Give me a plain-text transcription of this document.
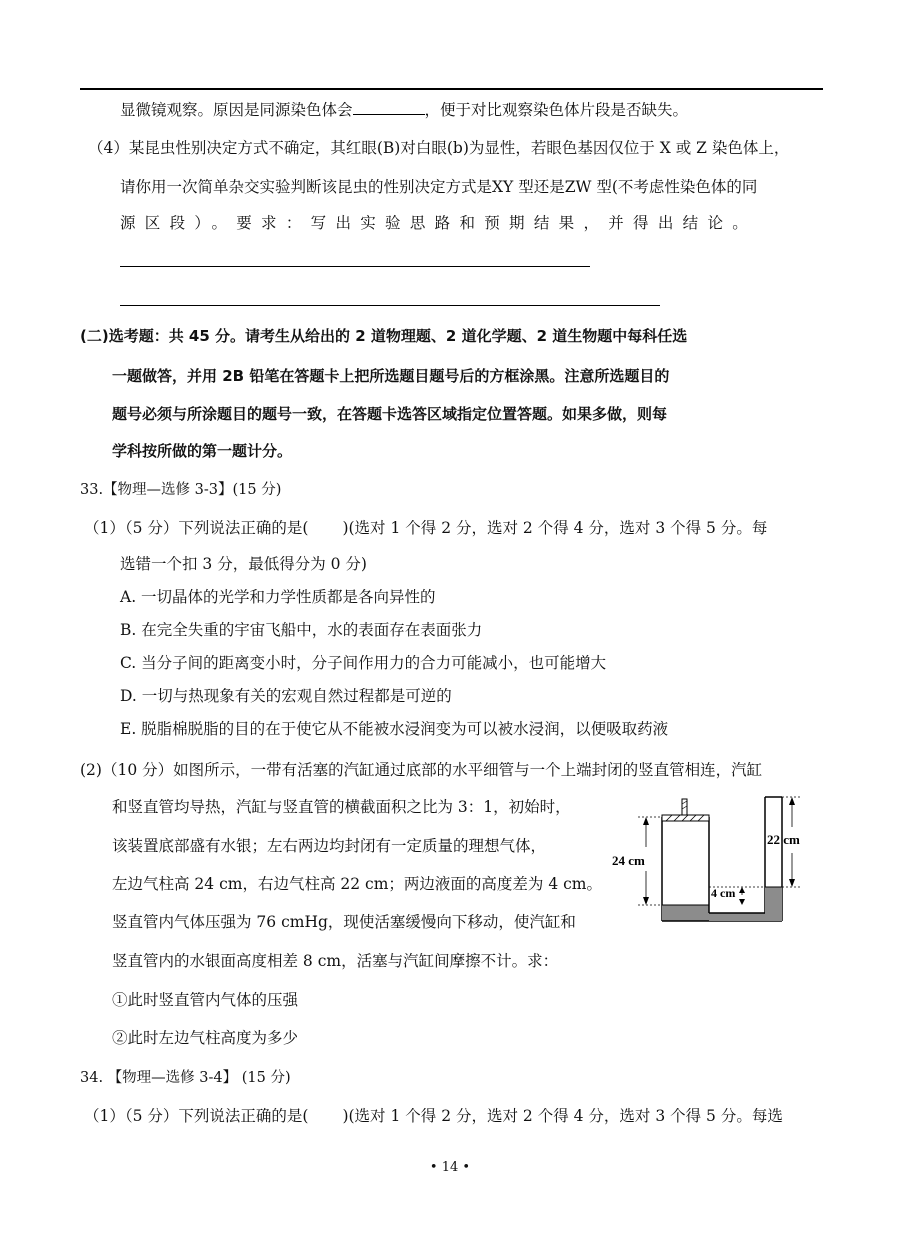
显微镜观察。原因是同源染色体会	，便于对比观察染色体片段是否缺失。
（4）某昆虫性别决定方式不确定，其红眼(B)对白眼(b)为显性，若眼色基因仅位于 X 或 Z 染色体上，
请你用一次简单杂交实验判断该昆虫的性别决定方式是XY 型还是ZW 型(不考虑性染色体的同
源区段）。要求：写出实验思路和预期结果，并得出结论。
(二)选考题：共 45 分。请考生从给出的 2 道物理题、2 道化学题、2 道生物题中每科任选
一题做答，并用 2B 铅笔在答题卡上把所选题目题号后的方框涂黑。注意所选题目的
题号必须与所涂题目的题号一致，在答题卡选答区域指定位置答题。如果多做，则每
学科按所做的第一题计分。
33.【物理—选修 3-3】(15 分)
（1）（5 分）下列说法正确的是( )(选对 1 个得 2 分，选对 2 个得 4 分，选对 3 个得 5 分。每
选错一个扣 3 分，最低得分为 0 分)
A. 一切晶体的光学和力学性质都是各向异性的
B. 在完全失重的宇宙飞船中，水的表面存在表面张力
C. 当分子间的距离变小时，分子间作用力的合力可能减小，也可能增大
D. 一切与热现象有关的宏观自然过程都是可逆的
E. 脱脂棉脱脂的目的在于使它从不能被水浸润变为可以被水浸润，以便吸取药液
(2)（10 分）如图所示，一带有活塞的汽缸通过底部的水平细管与一个上端封闭的竖直管相连，汽缸
和竖直管均导热，汽缸与竖直管的横截面积之比为 3：1，初始时，
该装置底部盛有水银；左右两边均封闭有一定质量的理想气体，
左边气柱高 24 cm，右边气柱高 22 cm；两边液面的高度差为 4 cm。
竖直管内气体压强为 76 cmHg，现使活塞缓慢向下移动，使汽缸和
竖直管内的水银面高度相差 8 cm，活塞与汽缸间摩擦不计。求：
①此时竖直管内气体的压强
②此时左边气柱高度为多少
24 cm
22 cm
4 cm
34. 【物理—选修 3-4】 (15 分)
（1）（5 分）下列说法正确的是( )(选对 1 个得 2 分，选对 2 个得 4 分，选对 3 个得 5 分。每选
• 14 •
